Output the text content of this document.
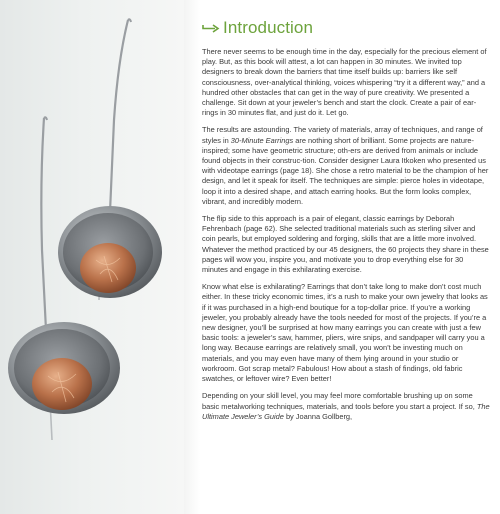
Introduction

There never seems to be enough time in the day, especially for the precious element of play. But, as this book will attest, a lot can happen in 30 minutes. We invited top designers to break down the barriers that time itself builds up: barriers like self consciousness, over-analytical thinking, voices whispering “try it a different way,” and a hundred other obstacles that can get in the way of pure creativity. We presented a challenge. Sit down at your jeweler’s bench and start the clock. Create a pair of ear-rings in 30 minutes flat, and just do it. Let go.

The results are astounding. The variety of materials, array of techniques, and range of styles in 30-Minute Earrings are nothing short of brilliant. Some projects are nature-inspired; some have geometric structure; oth-ers are derived from animals or include found objects in their construc-tion. Consider designer Laura Itkoken who presented us with videotape earrings (page 18). She chose a retro material to be the champion of her design, and let it speak for itself. The techniques are simple: pierce holes in videotape, loop it into a desired shape, and attach earring hooks. But the form looks complex, vibrant, and incredibly modern.

The flip side to this approach is a pair of elegant, classic earrings by Deborah Fehrenbach (page 62). She selected traditional materials such as sterling silver and coin pearls, but employed soldering and forging, skills that are a little more involved. Whatever the method practiced by our 45 designers, the 60 projects they share in these pages will wow you, inspire you, and motivate you to drop everything else for 30 minutes and engage in this exhilarating exercise.

Know what else is exhilarating? Earrings that don’t take long to make don’t cost much either. In these tricky economic times, it’s a rush to make your own jewelry that looks as if it was purchased in a high-end boutique for a top-dollar price. If you’re a working jeweler, you probably already have the tools needed for most of the projects. If you’re a new designer, you’ll be surprised at how many earrings you can create with just a few basic tools: a jeweler’s saw, hammer, pliers, wire snips, and sandpaper will carry you a long way. Because earrings are relatively small, you won’t be investing much on materials, and you may even have many of them lying around in your studio or workroom. Got scrap metal? Fabulous! How about a stash of findings, old fabric swatches, or leftover wire? Even better!

Depending on your skill level, you may feel more comfortable brushing up on some basic metalworking techniques, materials, and tools before you start a project. If so, The Ultimate Jeweler’s Guide by Joanna Gollberg,
